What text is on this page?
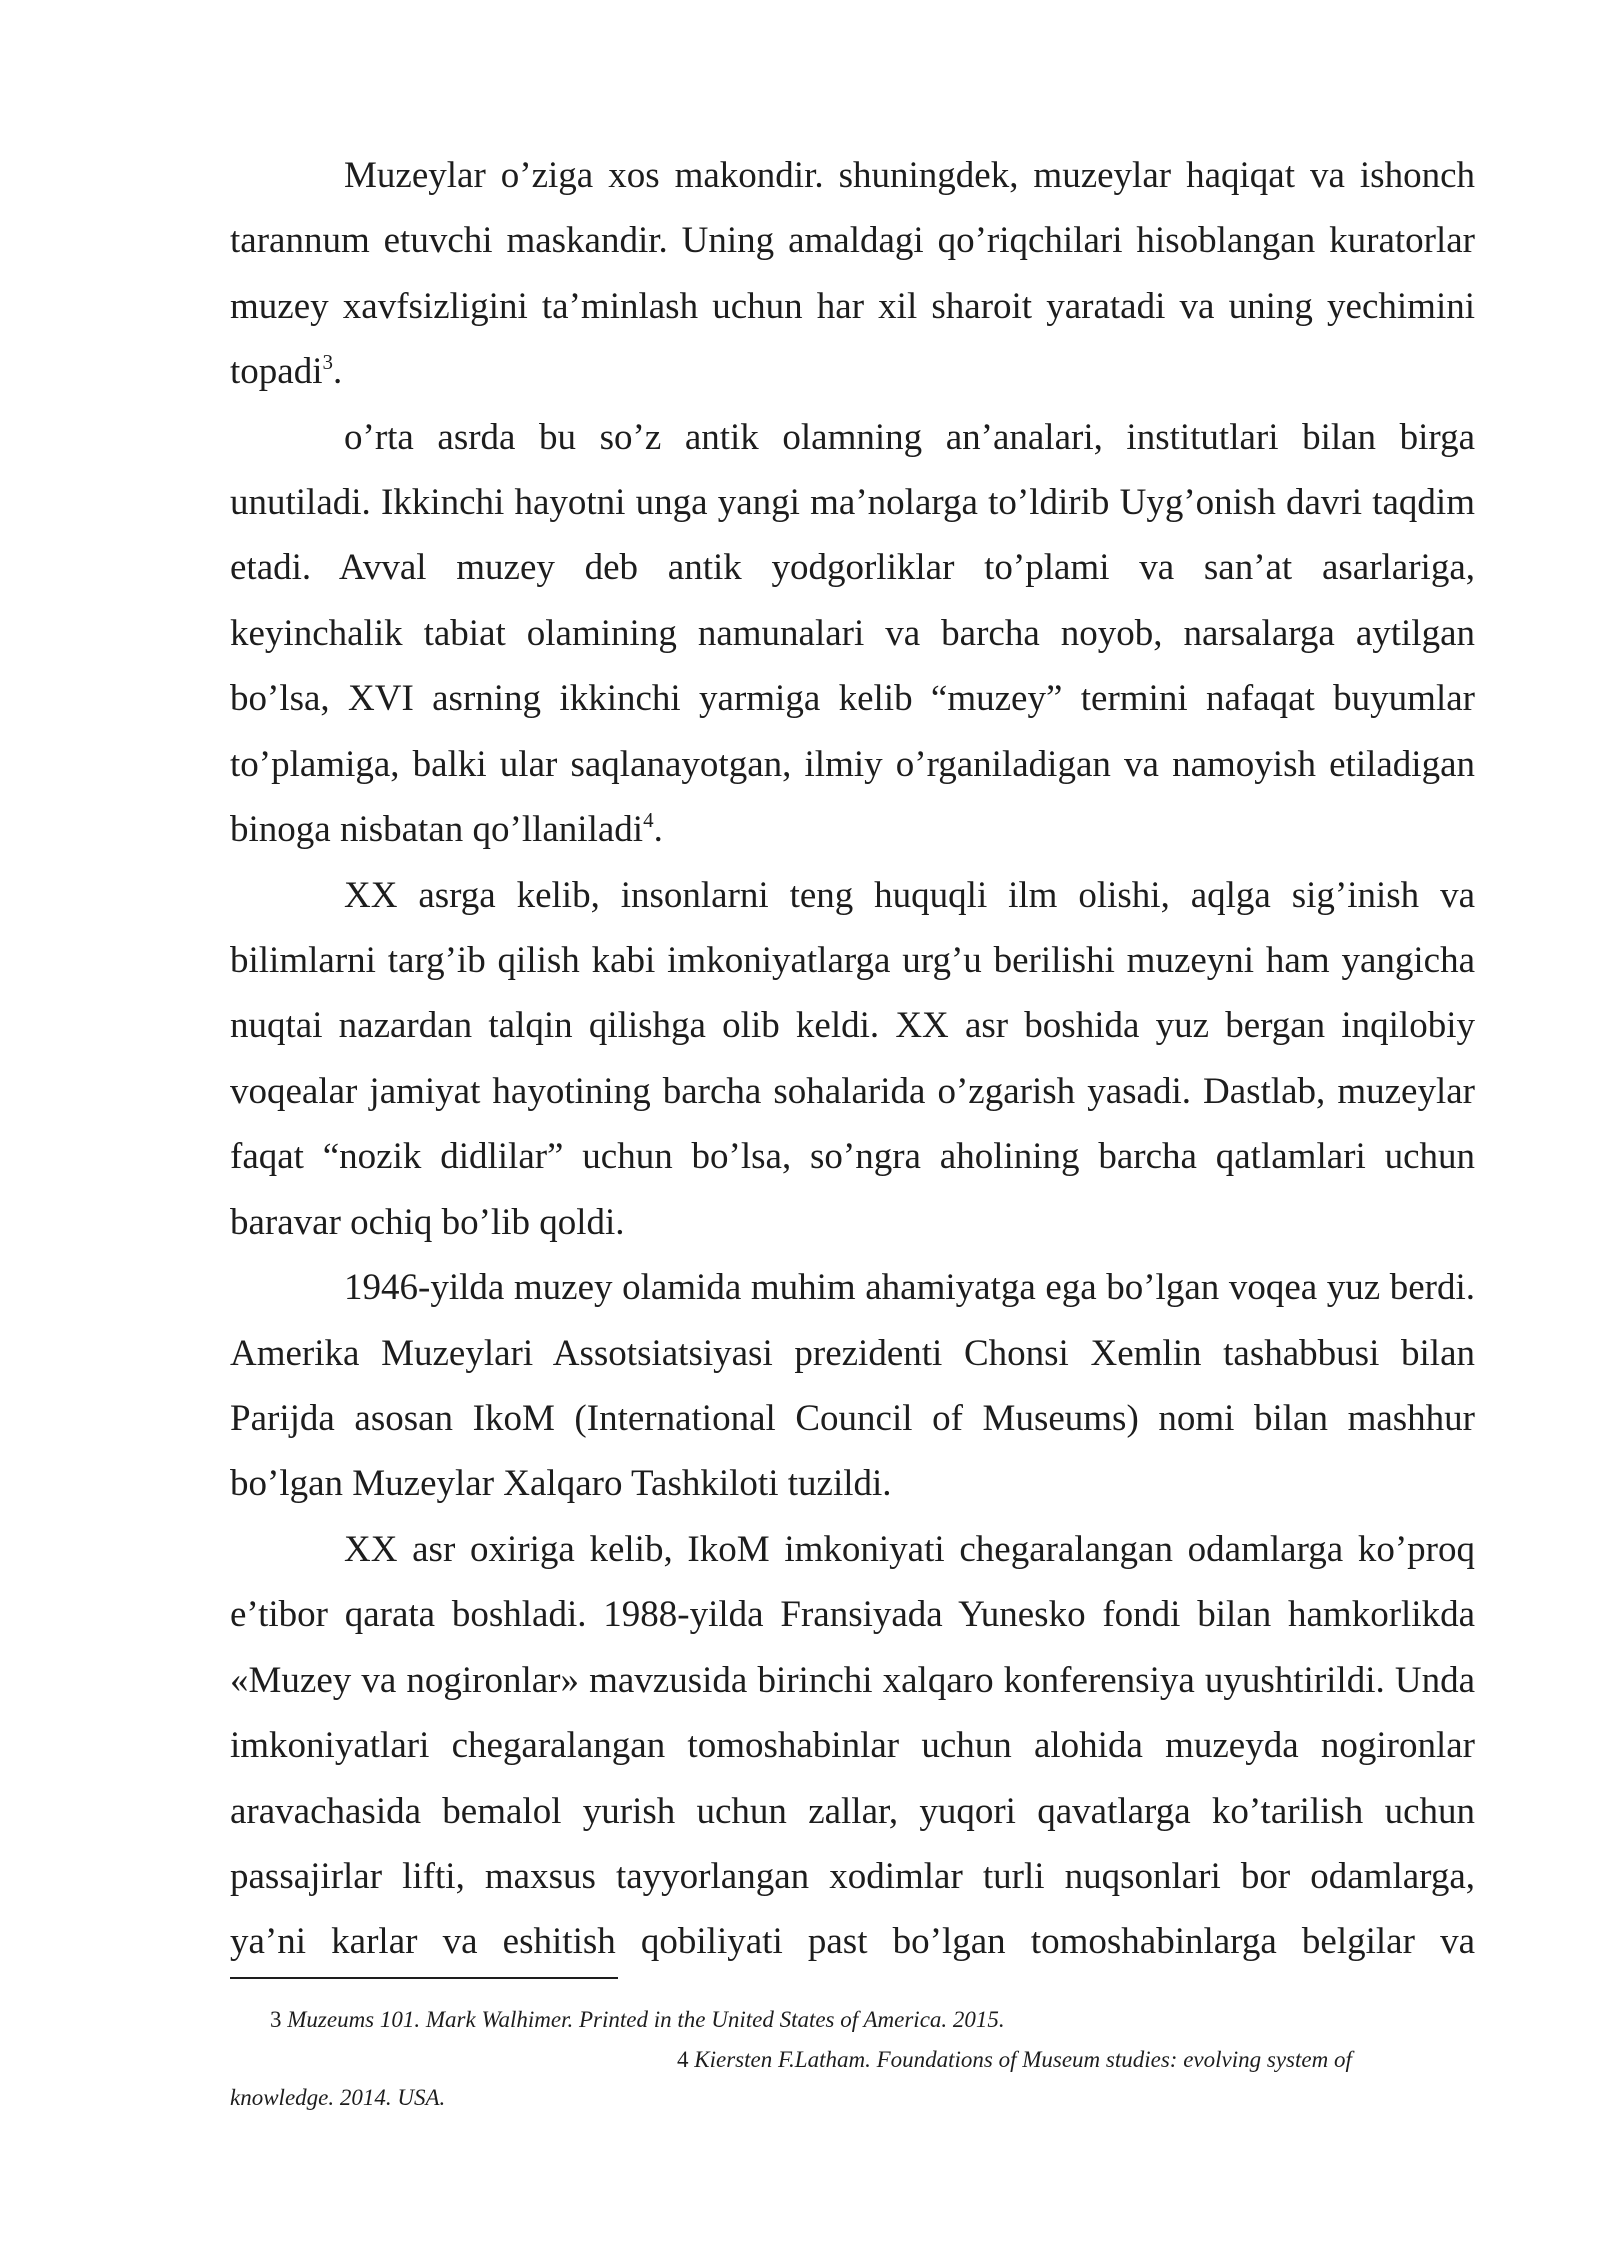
Muzeylar o’ziga xos makondir. shuningdek, muzeylar haqiqat va ishonch
tarannum etuvchi maskandir. Uning amaldagi qo’riqchilari hisoblangan kuratorlar
muzey xavfsizligini ta’minlash uchun har xil sharoit yaratadi va uning yechimini
topadi$^3$.
o’rta asrda bu so’z antik olamning an’analari, institutlari bilan birga
unutiladi. Ikkinchi hayotni unga yangi ma’nolarga to’ldirib Uyg’onish davri taqdim
etadi. Avval muzey deb antik yodgorliklar to’plami va san’at asarlariga,
keyinchalik tabiat olamining namunalari va barcha noyob, narsalarga aytilgan
bo’lsa, XVI asrning ikkinchi yarmiga kelib “muzey” termini nafaqat buyumlar
to’plamiga, balki ular saqlanayotgan, ilmiy o’rganiladigan va namoyish etiladigan
binoga nisbatan qo’llaniladi$^4$.
XX asrga kelib, insonlarni teng huquqli ilm olishi, aqlga sig’inish va
bilimlarni targ’ib qilish kabi imkoniyatlarga urg’u berilishi muzeyni ham yangicha
nuqtai nazardan talqin qilishga olib keldi. XX asr boshida yuz bergan inqilobiy
voqealar jamiyat hayotining barcha sohalarida o’zgarish yasadi. Dastlab, muzeylar
faqat “nozik didlilar” uchun bo’lsa, so’ngra aholining barcha qatlamlari uchun
baravar ochiq bo’lib qoldi.
1946-yilda muzey olamida muhim ahamiyatga ega bo’lgan voqea yuz berdi.
Amerika Muzeylari Assotsiatsiyasi prezidenti Chonsi Xemlin tashabbusi bilan
Parijda asosan IkoM (International Council of Museums) nomi bilan mashhur
bo’lgan Muzeylar Xalqaro Tashkiloti tuzildi.
XX asr oxiriga kelib, IkoM imkoniyati chegaralangan odamlarga ko’proq
e’tibor qarata boshladi. 1988-yilda Fransiyada Yunesko fondi bilan hamkorlikda
«Muzey va nogironlar» mavzusida birinchi xalqaro konferensiya uyushtirildi. Unda
imkoniyatlari chegaralangan tomoshabinlar uchun alohida muzeyda nogironlar
aravachasida bemalol yurish uchun zallar, yuqori qavatlarga ko’tarilish uchun
passajirlar lifti, maxsus tayyorlangan xodimlar turli nuqsonlari bor odamlarga,
ya’ni karlar va eshitish qobiliyati past bo’lgan tomoshabinlarga belgilar va
3 Muzeums 101. Mark Walhimer. Printed in the United States of America. 2015.
4 Kiersten F.Latham. Foundations of Museum studies: evolving system of
knowledge. 2014. USA.
